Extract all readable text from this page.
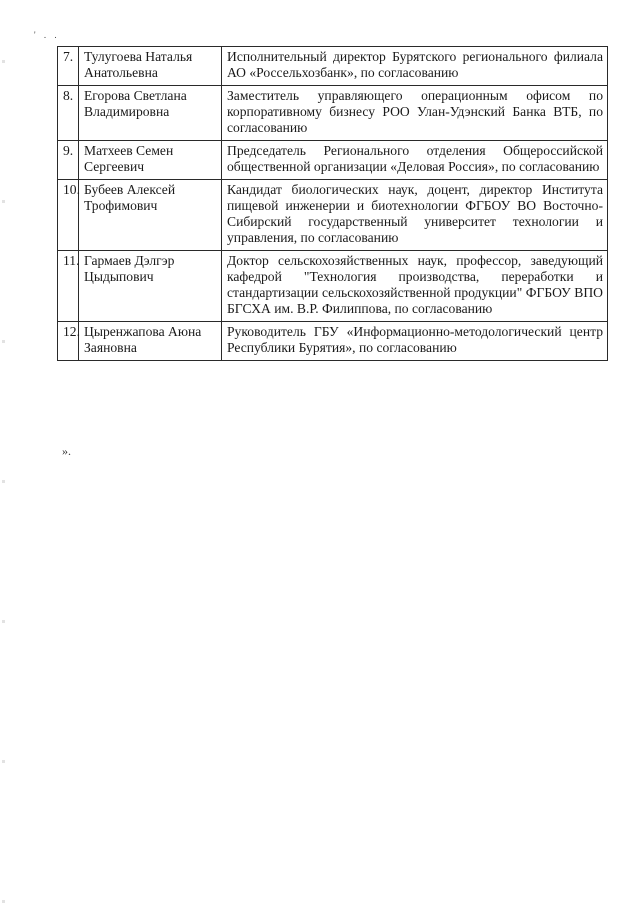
' . .
7.	Тулугоева Наталья Анатольевна	Исполнительный директор Бурятского регионального филиала АО «Россельхозбанк», по согласованию
8.	Егорова Светлана Владимировна	Заместитель управляющего операционным офисом по корпоративному бизнесу РОО Улан-Удэнский Банка ВТБ, по согласованию
9.	Матхеев Семен Сергеевич	Председатель Регионального отделения Общероссийской общественной организации «Деловая Россия», по согласованию
10.	Бубеев Алексей Трофимович	Кандидат биологических наук, доцент, директор Института пищевой инженерии и биотехнологии ФГБОУ ВО Восточно-Сибирский государственный университет технологии и управления, по согласованию
11.	Гармаев Дэлгэр Цыдыпович	Доктор сельскохозяйственных наук, профессор, заведующий кафедрой "Технология производства, переработки и стандартизации сельскохозяйственной продукции" ФГБОУ ВПО БГСХА им. В.Р. Филиппова, по согласованию
12.	Цыренжапова Аюна Заяновна	Руководитель ГБУ «Информационно-методологический центр Республики Бурятия», по согласованию
».
